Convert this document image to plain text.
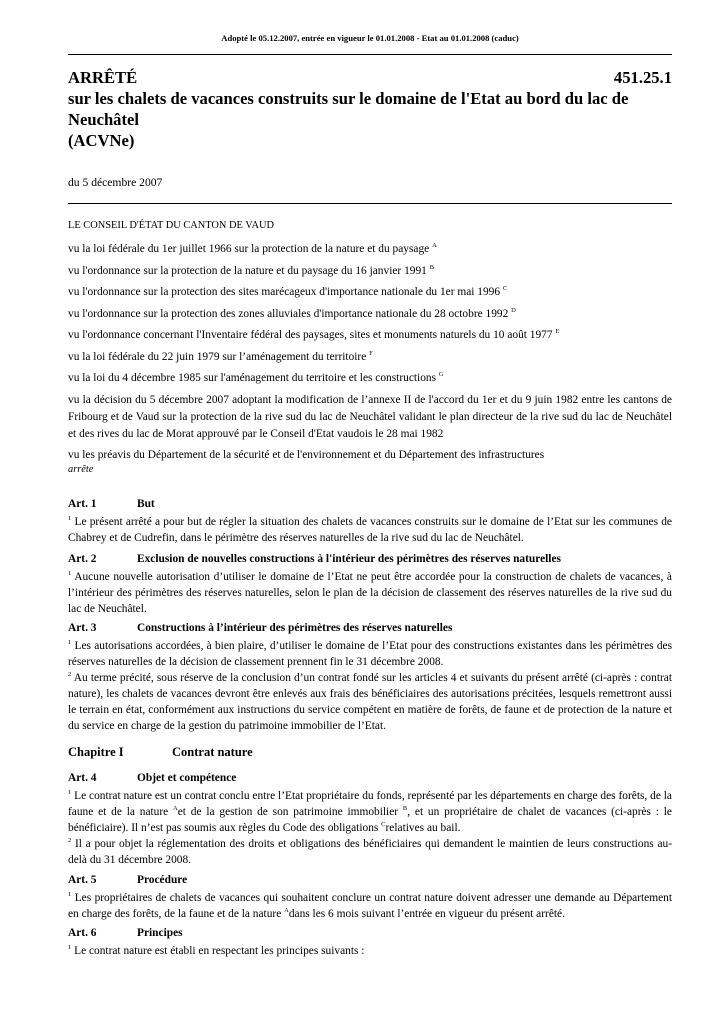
Adopté le 05.12.2007, entrée en vigueur le 01.01.2008 - Etat au 01.01.2008 (caduc)
ARRÊTÉ	451.25.1
sur les chalets de vacances construits sur le domaine de l'Etat au bord du lac de
Neuchâtel
(ACVNe)
du 5 décembre 2007
LE CONSEIL D'ÉTAT DU CANTON DE VAUD

vu la loi fédérale du 1er juillet 1966 sur la protection de la nature et du paysage $^A$

vu l'ordonnance sur la protection de la nature et du paysage du 16 janvier 1991 $^B$

vu l'ordonnance sur la protection des sites marécageux d'importance nationale du 1er mai 1996 $^C$

vu l'ordonnance sur la protection des zones alluviales d'importance nationale du 28 octobre 1992 $^D$

vu l'ordonnance concernant l'Inventaire fédéral des paysages, sites et monuments naturels du 10 août 1977 $^E$

vu la loi fédérale du 22 juin 1979 sur l’aménagement du territoire $^F$

vu la loi du 4 décembre 1985 sur l'aménagement du territoire et les constructions $^G$

vu la décision du 5 décembre 2007 adoptant la modification de l’annexe II de l'accord du 1er et du 9 juin 1982 entre les cantons de Fribourg et de Vaud sur la protection de la rive sud du lac de Neuchâtel validant le plan directeur de la rive sud du lac de Neuchâtel et des rives du lac de Morat approuvé par le Conseil d'Etat vaudois le 28 mai 1982

vu les préavis du Département de la sécurité et de l'environnement et du Département des infrastructures

arrête
Art. 1	But

$^1$ Le présent arrêté a pour but de régler la situation des chalets de vacances construits sur le domaine de l’Etat sur les communes de Chabrey et de Cudrefin, dans le périmètre des réserves naturelles de la rive sud du lac de Neuchâtel.

Art. 2	Exclusion de nouvelles constructions à l'intérieur des périmètres des réserves naturelles

$^1$ Aucune nouvelle autorisation d’utiliser le domaine de l’Etat ne peut être accordée pour la construction de chalets de vacances, à l’intérieur des périmètres des réserves naturelles, selon le plan de la décision de classement des réserves naturelles de la rive sud du lac de Neuchâtel.

Art. 3	Constructions à l’intérieur des périmètres des réserves naturelles

$^1$ Les autorisations accordées, à bien plaire, d’utiliser le domaine de l’Etat pour des constructions existantes dans les périmètres des réserves naturelles de la décision de classement prennent fin le 31 décembre 2008.

$^2$ Au terme précité, sous réserve de la conclusion d’un contrat fondé sur les articles 4 et suivants du présent arrêté (ci-après : contrat nature), les chalets de vacances devront être enlevés aux frais des bénéficiaires des autorisations précitées, lesquels remettront aussi le terrain en état, conformément aux instructions du service compétent en matière de forêts, de faune et de protection de la nature et du service en charge de la gestion du patrimoine immobilier de l’Etat.

Chapitre I	Contrat nature
Art. 4	Objet et compétence

$^1$ Le contrat nature est un contrat conclu entre l’Etat propriétaire du fonds, représenté par les départements en charge des forêts, de la faune et de la nature $^A$et de la gestion de son patrimoine immobilier $^B$, et un propriétaire de chalet de vacances (ci-après : le bénéficiaire). Il n’est pas soumis aux règles du Code des obligations $^C$relatives au bail.

$^2$ Il a pour objet la réglementation des droits et obligations des bénéficiaires qui demandent le maintien de leurs constructions au-delà du 31 décembre 2008.

Art. 5	Procédure

$^1$ Les propriétaires de chalets de vacances qui souhaitent conclure un contrat nature doivent adresser une demande au Département en charge des forêts, de la faune et de la nature $^A$dans les 6 mois suivant l’entrée en vigueur du présent arrêté.

Art. 6	Principes

$^1$ Le contrat nature est établi en respectant les principes suivants :
